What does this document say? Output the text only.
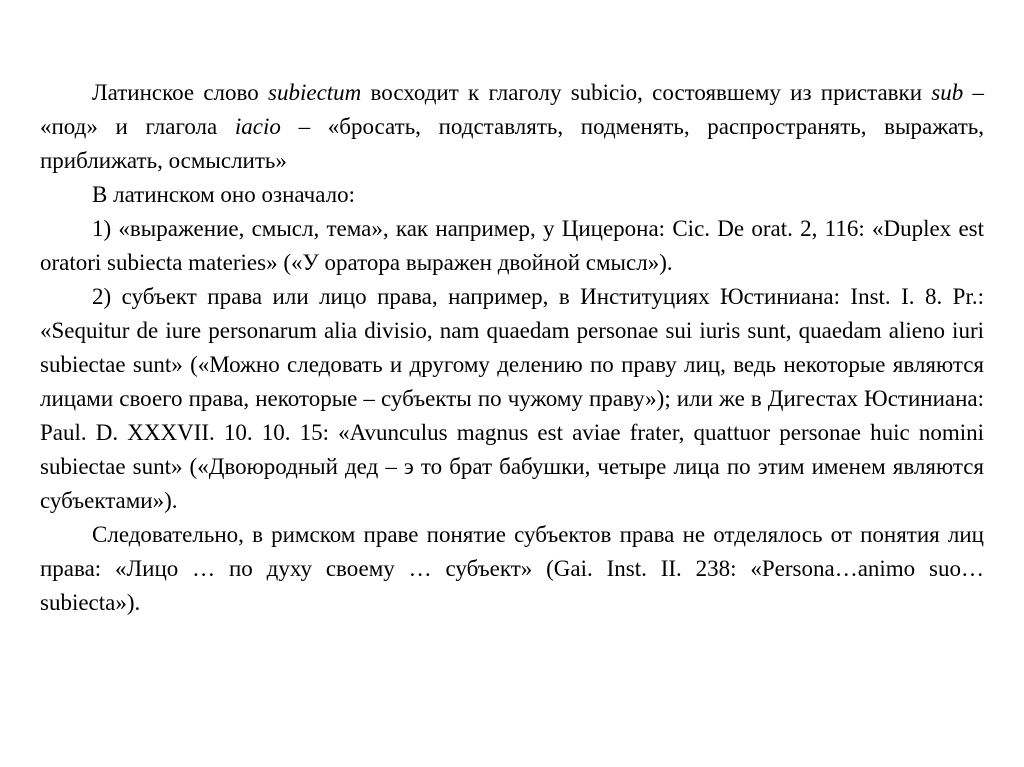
Латинское слово subiectum восходит к глаголу subicio, состоявшему из приставки sub – «под» и глагола iacio – «бросать, подставлять, подменять, распространять, выражать, приближать, осмыслить»

В латинском оно означало:

1) «выражение, смысл, тема», как например, у Цицерона: Cic. De orat. 2, 116: «Duplex est oratori subiecta materies» («У оратора выражен двойной смысл»).

2) субъект права или лицо права, например, в Институциях Юстиниана: Inst. I. 8. Pr.: «Sequitur de iure personarum alia divisio, nam quaedam personae sui iuris sunt, quaedam alieno iuri subiectae sunt» («Можно следовать и другому делению по праву лиц, ведь некоторые являются лицами своего права, некоторые – субъекты по чужому праву»); или же в Дигестах Юстиниана: Paul. D. XXXVII. 10. 10. 15: «Avunculus magnus est aviae frater, quattuor personae huic nomini subiectae sunt» («Двоюродный дед – э то брат бабушки, четыре лица по этим именем являются субъектами»).

Следовательно, в римском праве понятие субъектов права не отделялось от понятия лиц права: «Лицо … по духу своему … субъект» (Gai. Inst. II. 238: «Persona…animo suo… subiecta»).
